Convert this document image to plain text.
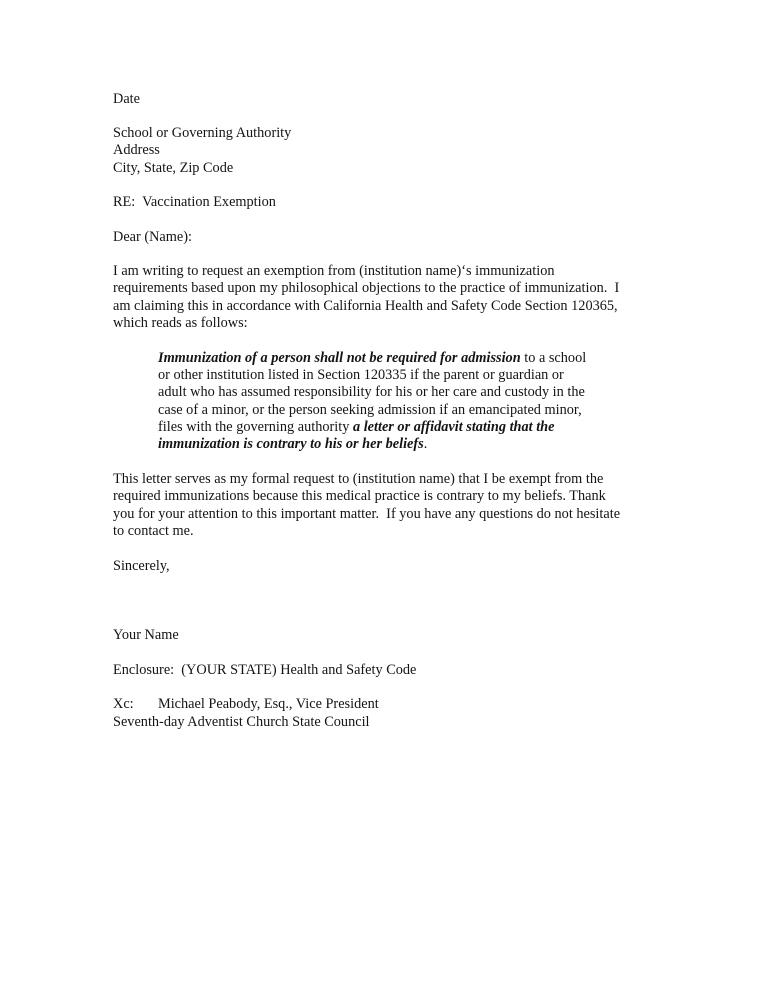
Date
School or Governing Authority
Address
City, State, Zip Code
RE:  Vaccination Exemption
Dear (Name):
I am writing to request an exemption from (institution name)‘s immunization
requirements based upon my philosophical objections to the practice of immunization.  I
am claiming this in accordance with California Health and Safety Code Section 120365,
which reads as follows:
Immunization of a person shall not be required for admission to a school
or other institution listed in Section 120335 if the parent or guardian or
adult who has assumed responsibility for his or her care and custody in the
case of a minor, or the person seeking admission if an emancipated minor,
files with the governing authority a letter or affidavit stating that the
immunization is contrary to his or her beliefs.
This letter serves as my formal request to (institution name) that I be exempt from the
required immunizations because this medical practice is contrary to my beliefs. Thank
you for your attention to this important matter.  If you have any questions do not hesitate
to contact me.
Sincerely,
Your Name
Enclosure:  (YOUR STATE) Health and Safety Code
Xc: Michael Peabody, Esq., Vice President
Seventh-day Adventist Church State Council
